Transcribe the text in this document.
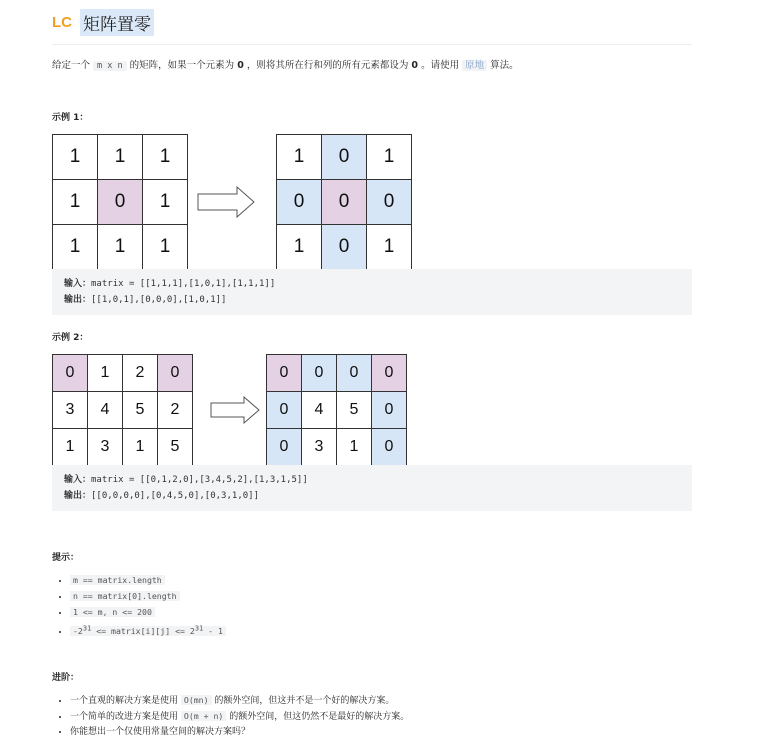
LC 矩阵置零
给定一个 m x n 的矩阵，如果一个元素为 0 ，则将其所在行和列的所有元素都设为 0 。请使用 原地 算法。
示例 1：
1	1	1
1	0	1
1	1	1
1	0	1
0	0	0
1	0	1
输入：matrix = [[1,1,1],[1,0,1],[1,1,1]]
输出：[[1,0,1],[0,0,0],[1,0,1]]
示例 2：
0	1	2	0
3	4	5	2
1	3	1	5
0	0	0	0
0	4	5	0
0	3	1	0
输入：matrix = [[0,1,2,0],[3,4,5,2],[1,3,1,5]]
输出：[[0,0,0,0],[0,4,5,0],[0,3,1,0]]
提示：
• m == matrix.length
• n == matrix[0].length
• 1 <= m, n <= 200
• $-2^{31}$ <= matrix[i][j] <= $2^{31} - 1$
进阶：
• 一个直观的解决方案是使用 O(mn) 的额外空间，但这并不是一个好的解决方案。
• 一个简单的改进方案是使用 O(m + n) 的额外空间，但这仍然不是最好的解决方案。
• 你能想出一个仅使用常量空间的解决方案吗？
